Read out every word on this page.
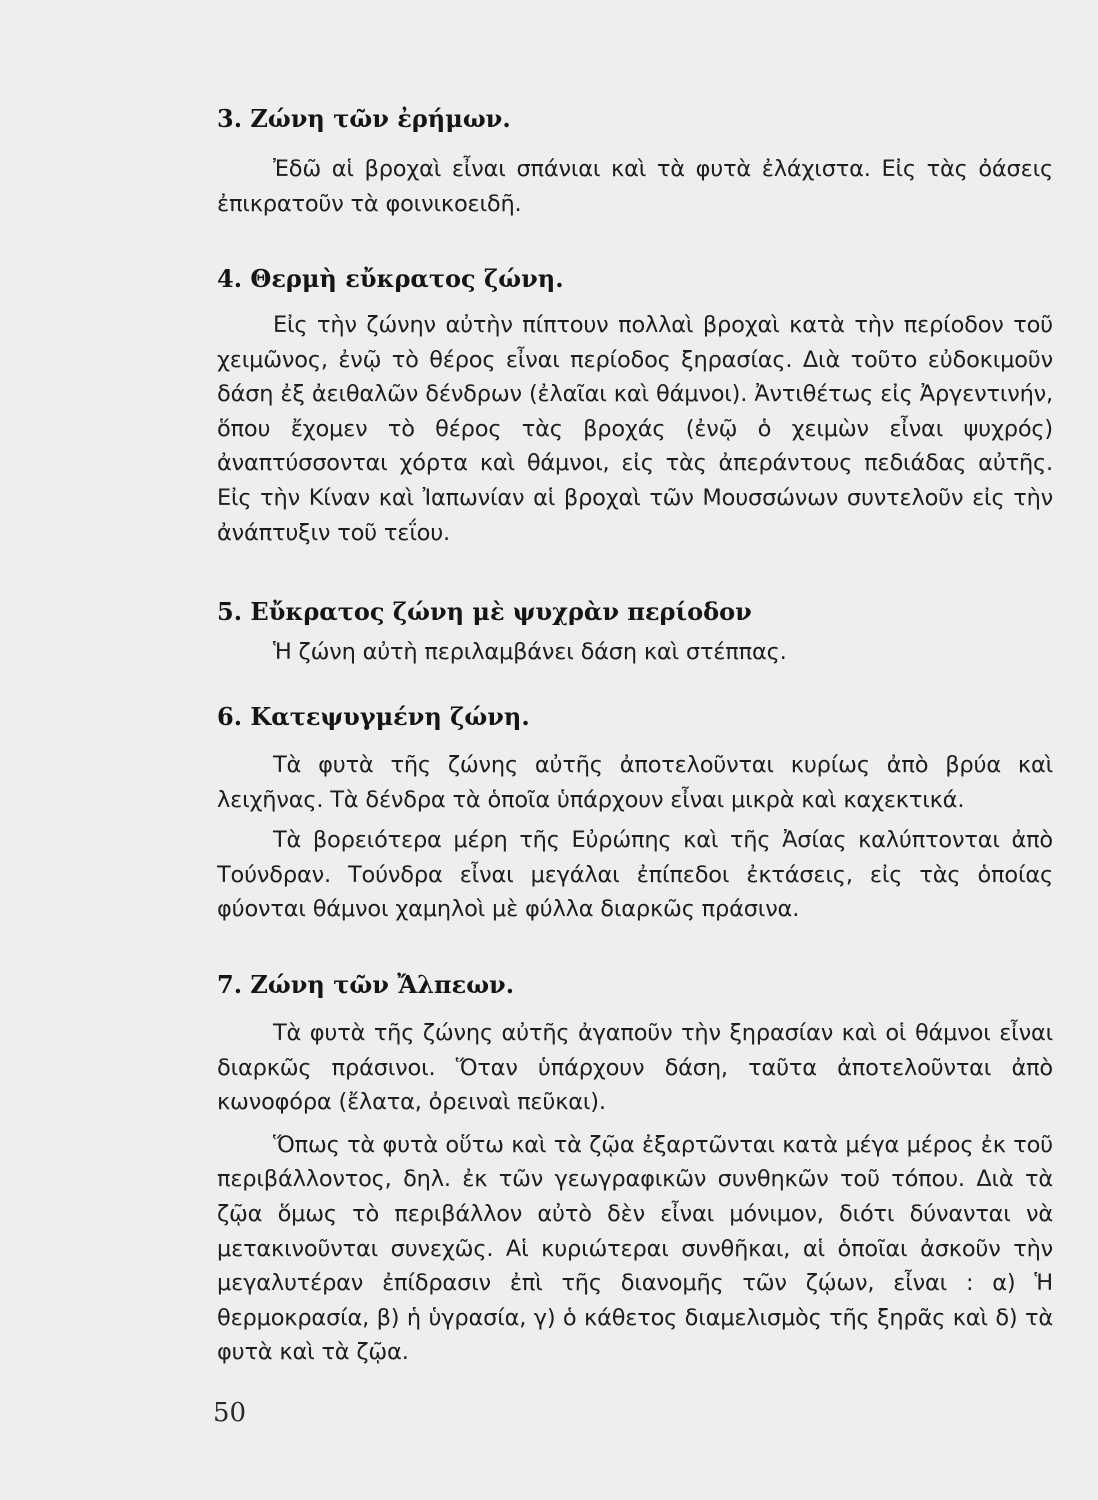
3. Ζώνη τῶν ἐρήμων.

Ἐδῶ αἱ βροχαὶ εἶναι σπάνιαι καὶ τὰ φυτὰ ἐλάχιστα. Εἰς τὰς ὀάσεις ἐπικρατοῦν τὰ φοινικοειδῆ.

4. Θερμὴ εὔκρατος ζώνη.

Εἰς τὴν ζώνην αὐτὴν πίπτουν πολλαὶ βροχαὶ κατὰ τὴν περίοδον τοῦ χειμῶνος, ἐνῷ τὸ θέρος εἶναι περίοδος ξηρασίας. Διὰ τοῦτο εὐδοκιμοῦν δάση ἐξ ἀειθαλῶν δένδρων (ἐλαῖαι καὶ θάμνοι). Ἀντιθέτως εἰς Ἀργεντινήν, ὅπου ἔχομεν τὸ θέρος τὰς βροχάς (ἐνῷ ὁ χειμὼν εἶναι ψυχρός) ἀναπτύσσονται χόρτα καὶ θάμνοι, εἰς τὰς ἀπεράντους πεδιάδας αὐτῆς. Εἰς τὴν Κίναν καὶ Ἰαπωνίαν αἱ βροχαὶ τῶν Μουσσώνων συντελοῦν εἰς τὴν ἀνάπτυξιν τοῦ τεΐου.

5. Εὔκρατος ζώνη μὲ ψυχρὰν περίοδον

Ἡ ζώνη αὐτὴ περιλαμβάνει δάση καὶ στέππας.

6. Κατεψυγμένη ζώνη.

Τὰ φυτὰ τῆς ζώνης αὐτῆς ἀποτελοῦνται κυρίως ἀπὸ βρύα καὶ λειχῆνας. Τὰ δένδρα τὰ ὁποῖα ὑπάρχουν εἶναι μικρὰ καὶ καχεκτικά.

Τὰ βορειότερα μέρη τῆς Εὐρώπης καὶ τῆς Ἀσίας καλύπτονται ἀπὸ Τούνδραν. Τούνδρα εἶναι μεγάλαι ἐπίπεδοι ἐκτάσεις, εἰς τὰς ὁποίας φύονται θάμνοι χαμηλοὶ μὲ φύλλα διαρκῶς πράσινα.

7. Ζώνη τῶν Ἄλπεων.

Τὰ φυτὰ τῆς ζώνης αὐτῆς ἀγαποῦν τὴν ξηρασίαν καὶ οἱ θάμνοι εἶναι διαρκῶς πράσινοι. Ὅταν ὑπάρχουν δάση, ταῦτα ἀποτελοῦνται ἀπὸ κωνοφόρα (ἔλατα, ὀρειναὶ πεῦκαι).

Ὅπως τὰ φυτὰ οὕτω καὶ τὰ ζῷα ἐξαρτῶνται κατὰ μέγα μέρος ἐκ τοῦ περιβάλλοντος, δηλ. ἐκ τῶν γεωγραφικῶν συνθηκῶν τοῦ τόπου. Διὰ τὰ ζῷα ὅμως τὸ περιβάλλον αὐτὸ δὲν εἶναι μόνιμον, διότι δύνανται νὰ μετακινοῦνται συνεχῶς. Αἱ κυριώτεραι συνθῆκαι, αἱ ὁποῖαι ἀσκοῦν τὴν μεγαλυτέραν ἐπίδρασιν ἐπὶ τῆς διανομῆς τῶν ζῴων, εἶναι : α) Ἡ θερμοκρασία, β) ἡ ὑγρασία, γ) ὁ κάθετος διαμελισμὸς τῆς ξηρᾶς καὶ δ) τὰ φυτὰ καὶ τὰ ζῷα.

50
